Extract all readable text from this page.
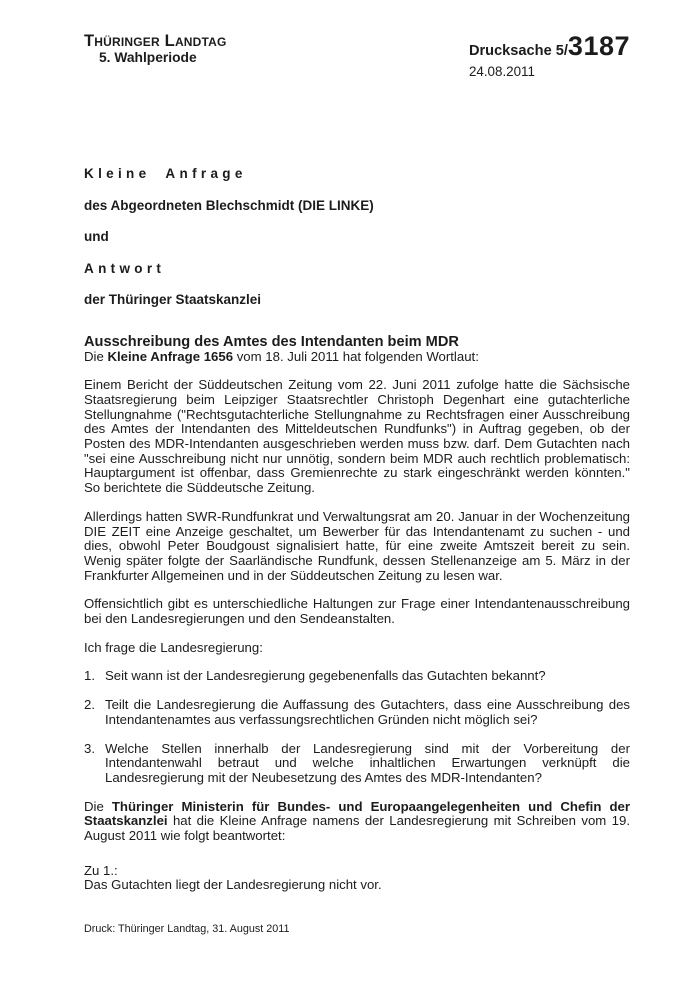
Thüringer Landtag
5. Wahlperiode	Drucksache 5/ 3187
24.08.2011
Kleine Anfrage
des Abgeordneten Blechschmidt (DIE LINKE)
und
Antwort
der Thüringer Staatskanzlei
Ausschreibung des Amtes des Intendanten beim MDR

Die Kleine Anfrage 1656 vom 18. Juli 2011 hat folgenden Wortlaut:

Einem Bericht der Süddeutschen Zeitung vom 22. Juni 2011 zufolge hatte die Sächsische Staatsregierung beim Leipziger Staatsrechtler Christoph Degenhart eine gutachterliche Stellungnahme ("Rechtsgutachterliche Stellungnahme zu Rechtsfragen einer Ausschreibung des Amtes der Intendanten des Mitteldeutschen Rundfunks") in Auftrag gegeben, ob der Posten des MDR-Intendanten ausgeschrieben werden muss bzw. darf. Dem Gutachten nach "sei eine Ausschreibung nicht nur unnötig, sondern beim MDR auch rechtlich problematisch: Hauptargument ist offenbar, dass Gremienrechte zu stark eingeschränkt werden könnten." So berichtete die Süddeutsche Zeitung.

Allerdings hatten SWR-Rundfunkrat und Verwaltungsrat am 20. Januar in der Wochenzeitung DIE ZEIT eine Anzeige geschaltet, um Bewerber für das Intendantenamt zu suchen - und dies, obwohl Peter Boudgoust signalisiert hatte, für eine zweite Amtszeit bereit zu sein. Wenig später folgte der Saarländische Rundfunk, dessen Stellenanzeige am 5. März in der Frankfurter Allgemeinen und in der Süddeutschen Zeitung zu lesen war.

Offensichtlich gibt es unterschiedliche Haltungen zur Frage einer Intendantenausschreibung bei den Landesregierungen und den Sendeanstalten.

Ich frage die Landesregierung:

1. Seit wann ist der Landesregierung gegebenenfalls das Gutachten bekannt?
2. Teilt die Landesregierung die Auffassung des Gutachters, dass eine Ausschreibung des Intendantenamtes aus verfassungsrechtlichen Gründen nicht möglich sei?
3. Welche Stellen innerhalb der Landesregierung sind mit der Vorbereitung der Intendantenwahl betraut und welche inhaltlichen Erwartungen verknüpft die Landesregierung mit der Neubesetzung des Amtes des MDR-Intendanten?

Die Thüringer Ministerin für Bundes- und Europaangelegenheiten und Chefin der Staatskanzlei hat die Kleine Anfrage namens der Landesregierung mit Schreiben vom 19. August 2011 wie folgt beantwortet:

Zu 1.:
Das Gutachten liegt der Landesregierung nicht vor.
Druck: Thüringer Landtag, 31. August 2011
